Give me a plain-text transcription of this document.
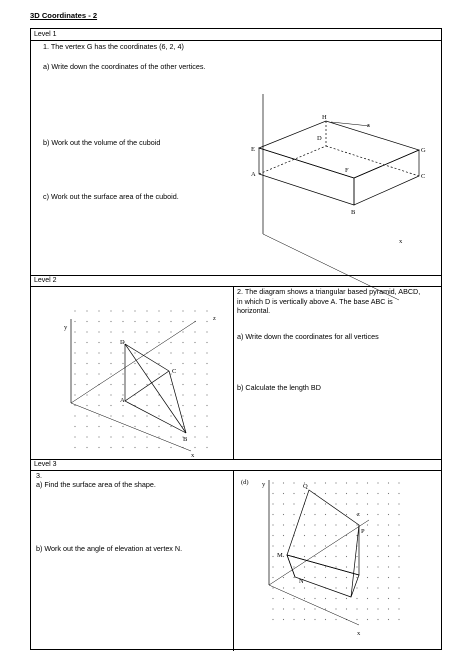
3D Coordinates - 2
Level 1
1. The vertex G has the coordinates (6, 2, 4)
a) Write down the coordinates of the other vertices.
b) Work out the volume of the cuboid
c) Work out the surface area of the cuboid.
H
z
D
E	G
F
A	C
B
x
Level 2
2. The diagram shows a triangular based pyramid, ABCD, in which D is vertically above A. The base ABC is horizontal.
a) Write down the coordinates for all vertices
b) Calculate the length BD
y
z
D
C
A
B
x
Level 3
3.
a) Find the surface area of the shape.
b) Work out the angle of elevation at vertex N.
(d) y	Q
z
P
M
N
x
